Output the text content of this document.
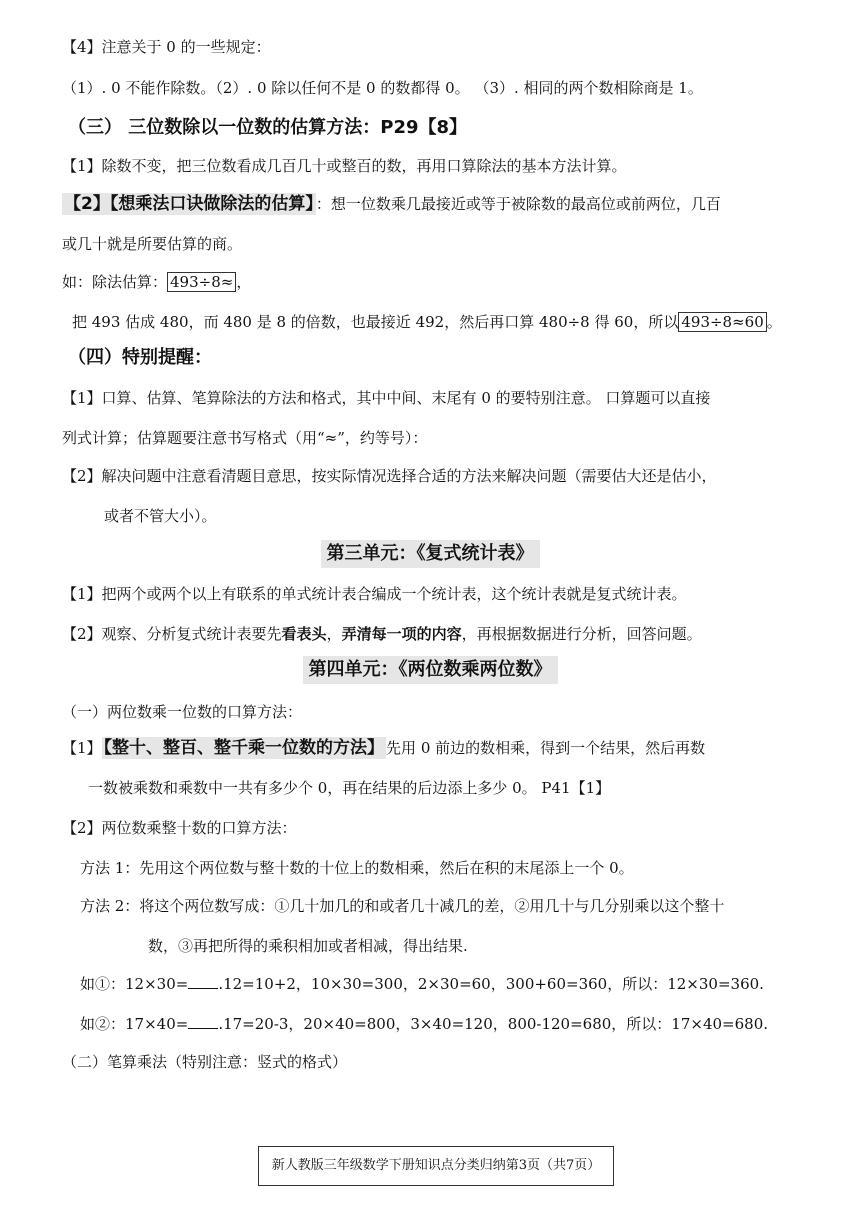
【4】注意关于 0 的一些规定：
（1）. 0 不能作除数。（2）. 0 除以任何不是 0 的数都得 0。 （3）. 相同的两个数相除商是 1。
（三） 三位数除以一位数的估算方法：P29【8】
【1】除数不变，把三位数看成几百几十或整百的数，再用口算除法的基本方法计算。
【2】【想乘法口诀做除法的估算】 ：想一位数乘几最接近或等于被除数的最高位或前两位，几百
或几十就是所要估算的商。
如：除法估算： 493÷8≈ ，
把 493 估成 480，而 480 是 8 的倍数，也最接近 492，然后再口算 480÷8 得 60，所以 493÷8≈60 。
（四）特别提醒：
【1】口算、估算、笔算除法的方法和格式，其中中间、末尾有 0 的要特别注意。 口算题可以直接
列式计算；估算题要注意书写格式（用“≈”，约等号）：
【2】解决问题中注意看清题目意思，按实际情况选择合适的方法来解决问题（需要估大还是估小，
或者不管大小）。
第三单元：《复式统计表》
【1】把两个或两个以上有联系的单式统计表合编成一个统计表，这个统计表就是复式统计表。
【2】观察、分析复式统计表要先看表头，弄清每一项的内容，再根据数据进行分析，回答问题。
第四单元：《两位数乘两位数》
（一）两位数乘一位数的口算方法：
【1】 【整十、整百、整千乘一位数的方法】 先用 0 前边的数相乘，得到一个结果，然后再数
一数被乘数和乘数中一共有多少个 0，再在结果的后边添上多少 0。 P41【1】
【2】两位数乘整十数的口算方法：
方法 1：先用这个两位数与整十数的十位上的数相乘，然后在积的末尾添上一个 0。
方法 2：将这个两位数写成：①几十加几的和或者几十减几的差，②用几十与几分别乘以这个整十
数，③再把所得的乘积相加或者相减，得出结果.
如①：12×30= .12=10+2，10×30=300，2×30=60，300+60=360，所以：12×30=360.
如②：17×40= .17=20-3，20×40=800，3×40=120，800-120=680，所以：17×40=680.
（二）笔算乘法（特别注意：竖式的格式）
新人教版三年级数学下册知识点分类归纳第3页（共7页）
